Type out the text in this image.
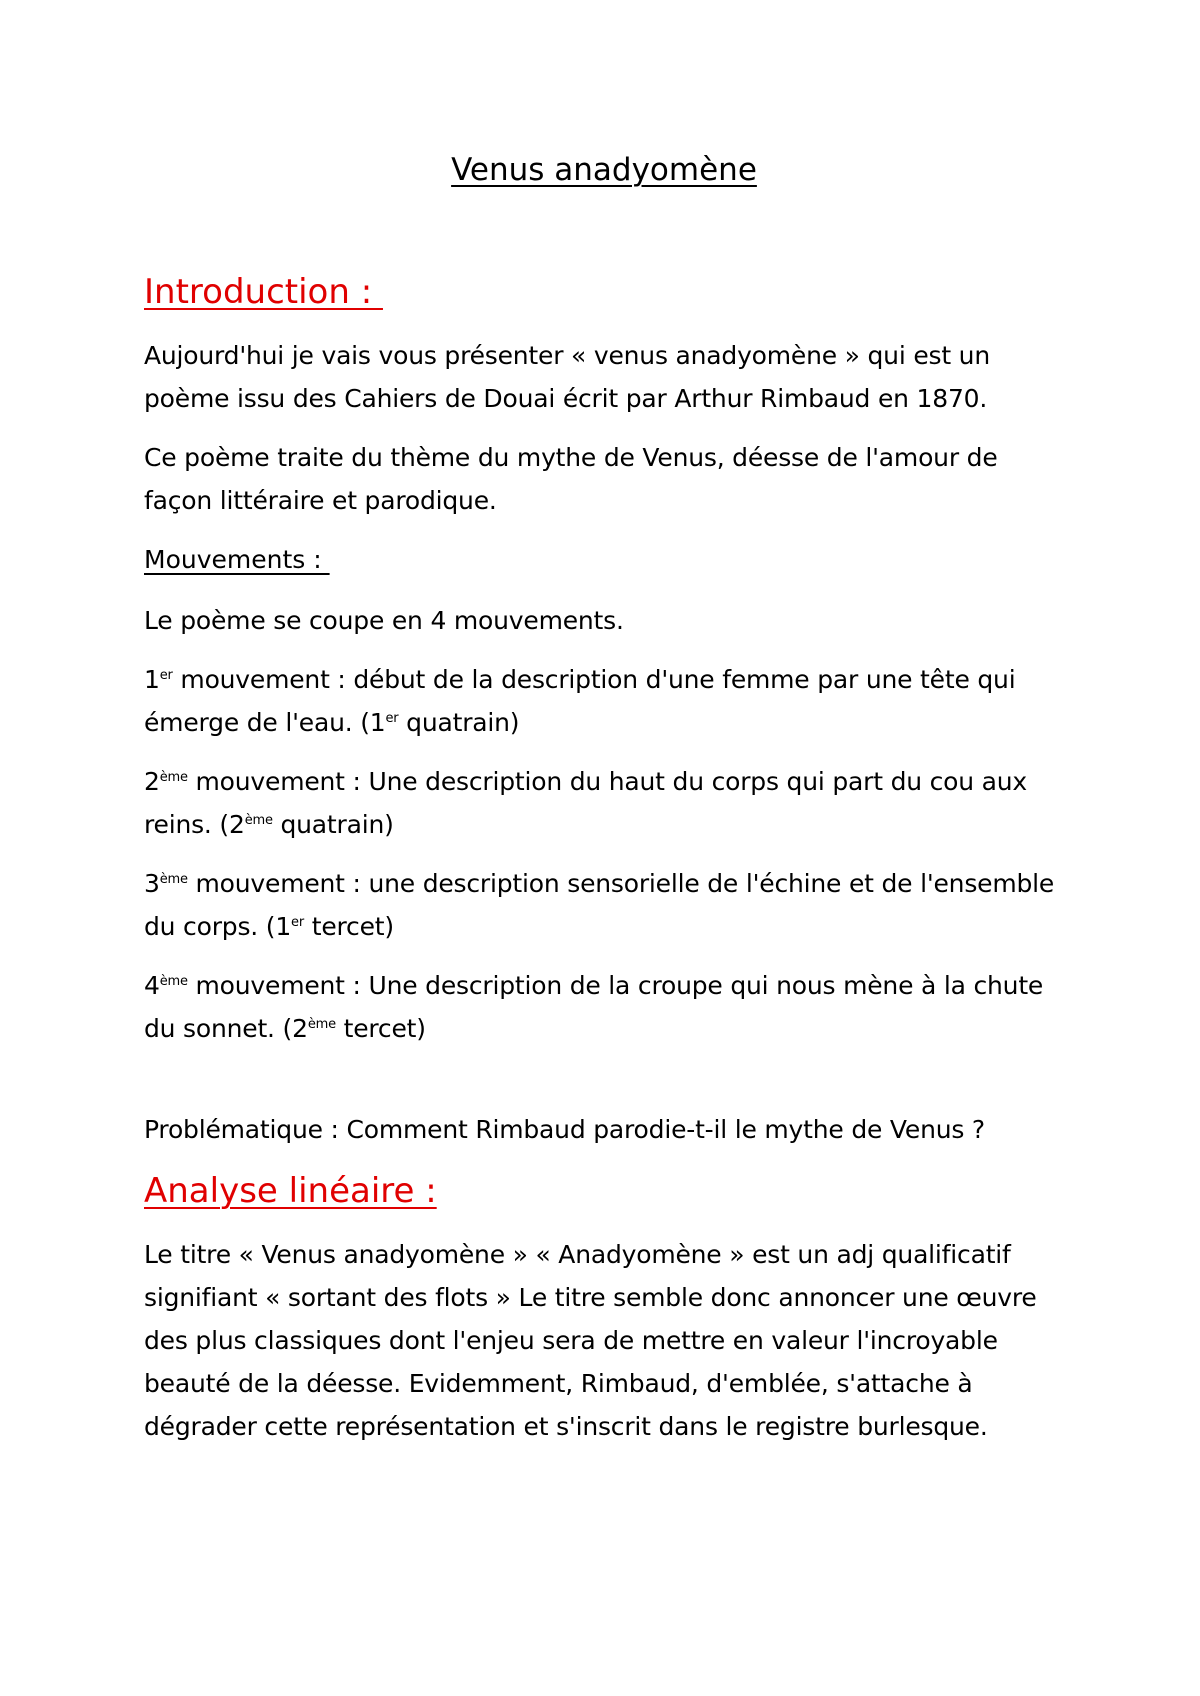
Venus anadyomène
Introduction :

Aujourd'hui je vais vous présenter « venus anadyomène » qui est un poème issu des Cahiers de Douai écrit par Arthur Rimbaud en 1870.

Ce poème traite du thème du mythe de Venus, déesse de l'amour de façon littéraire et parodique.

Mouvements :

Le poème se coupe en 4 mouvements.

1er mouvement : début de la description d'une femme par une tête qui émerge de l'eau. (1er quatrain)

2ème mouvement : Une description du haut du corps qui part du cou aux reins. (2ème quatrain)

3ème mouvement : une description sensorielle de l'échine et de l'ensemble du corps. (1er tercet)

4ème mouvement : Une description de la croupe qui nous mène à la chute du sonnet. (2ème tercet)

Problématique : Comment Rimbaud parodie-t-il le mythe de Venus ?

Analyse linéaire :

Le titre « Venus anadyomène » « Anadyomène » est un adj qualificatif signifiant « sortant des flots » Le titre semble donc annoncer une œuvre des plus classiques dont l'enjeu sera de mettre en valeur l'incroyable beauté de la déesse. Evidemment, Rimbaud, d'emblée, s'attache à dégrader cette représentation et s'inscrit dans le registre burlesque.
